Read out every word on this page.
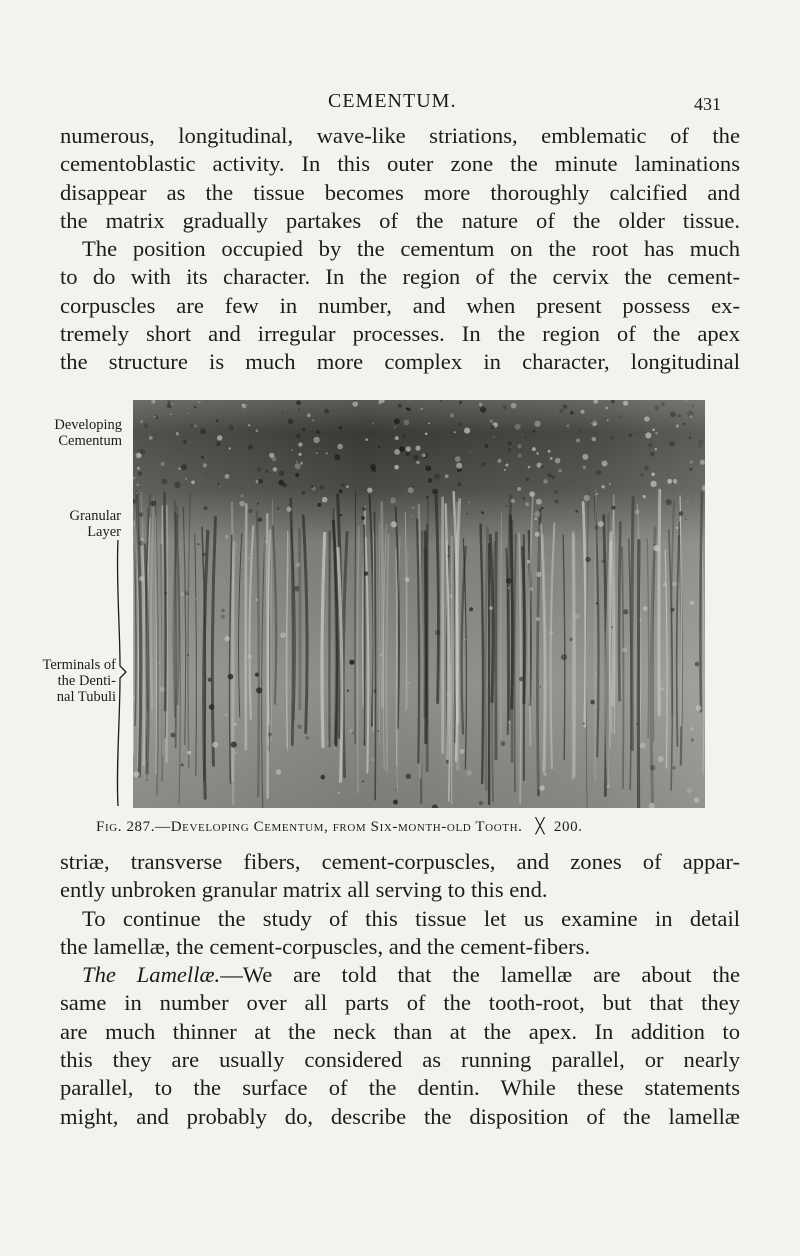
CEMENTUM.	431
numerous, longitudinal, wave-like striations, emblematic of the
cementoblastic activity. In this outer zone the minute laminations
disappear as the tissue becomes more thoroughly calcified and
the matrix gradually partakes of the nature of the older tissue.
The position occupied by the cementum on the root has much
to do with its character. In the region of the cervix the cement-
corpuscles are few in number, and when present possess ex-
tremely short and irregular processes. In the region of the apex
the structure is much more complex in character, longitudinal
Developing
Cementum
Granular
Layer
Terminals of
the Denti-
nal Tubuli
Fig. 287.—Developing Cementum, from Six-month-old Tooth.   ╳  200.
striæ, transverse fibers, cement-corpuscles, and zones of appar-
ently unbroken granular matrix all serving to this end.
To continue the study of this tissue let us examine in detail
the lamellæ, the cement-corpuscles, and the cement-fibers.
The Lamellæ.—We are told that the lamellæ are about the
same in number over all parts of the tooth-root, but that they
are much thinner at the neck than at the apex. In addition to
this they are usually considered as running parallel, or nearly
parallel, to the surface of the dentin. While these statements
might, and probably do, describe the disposition of the lamellæ
